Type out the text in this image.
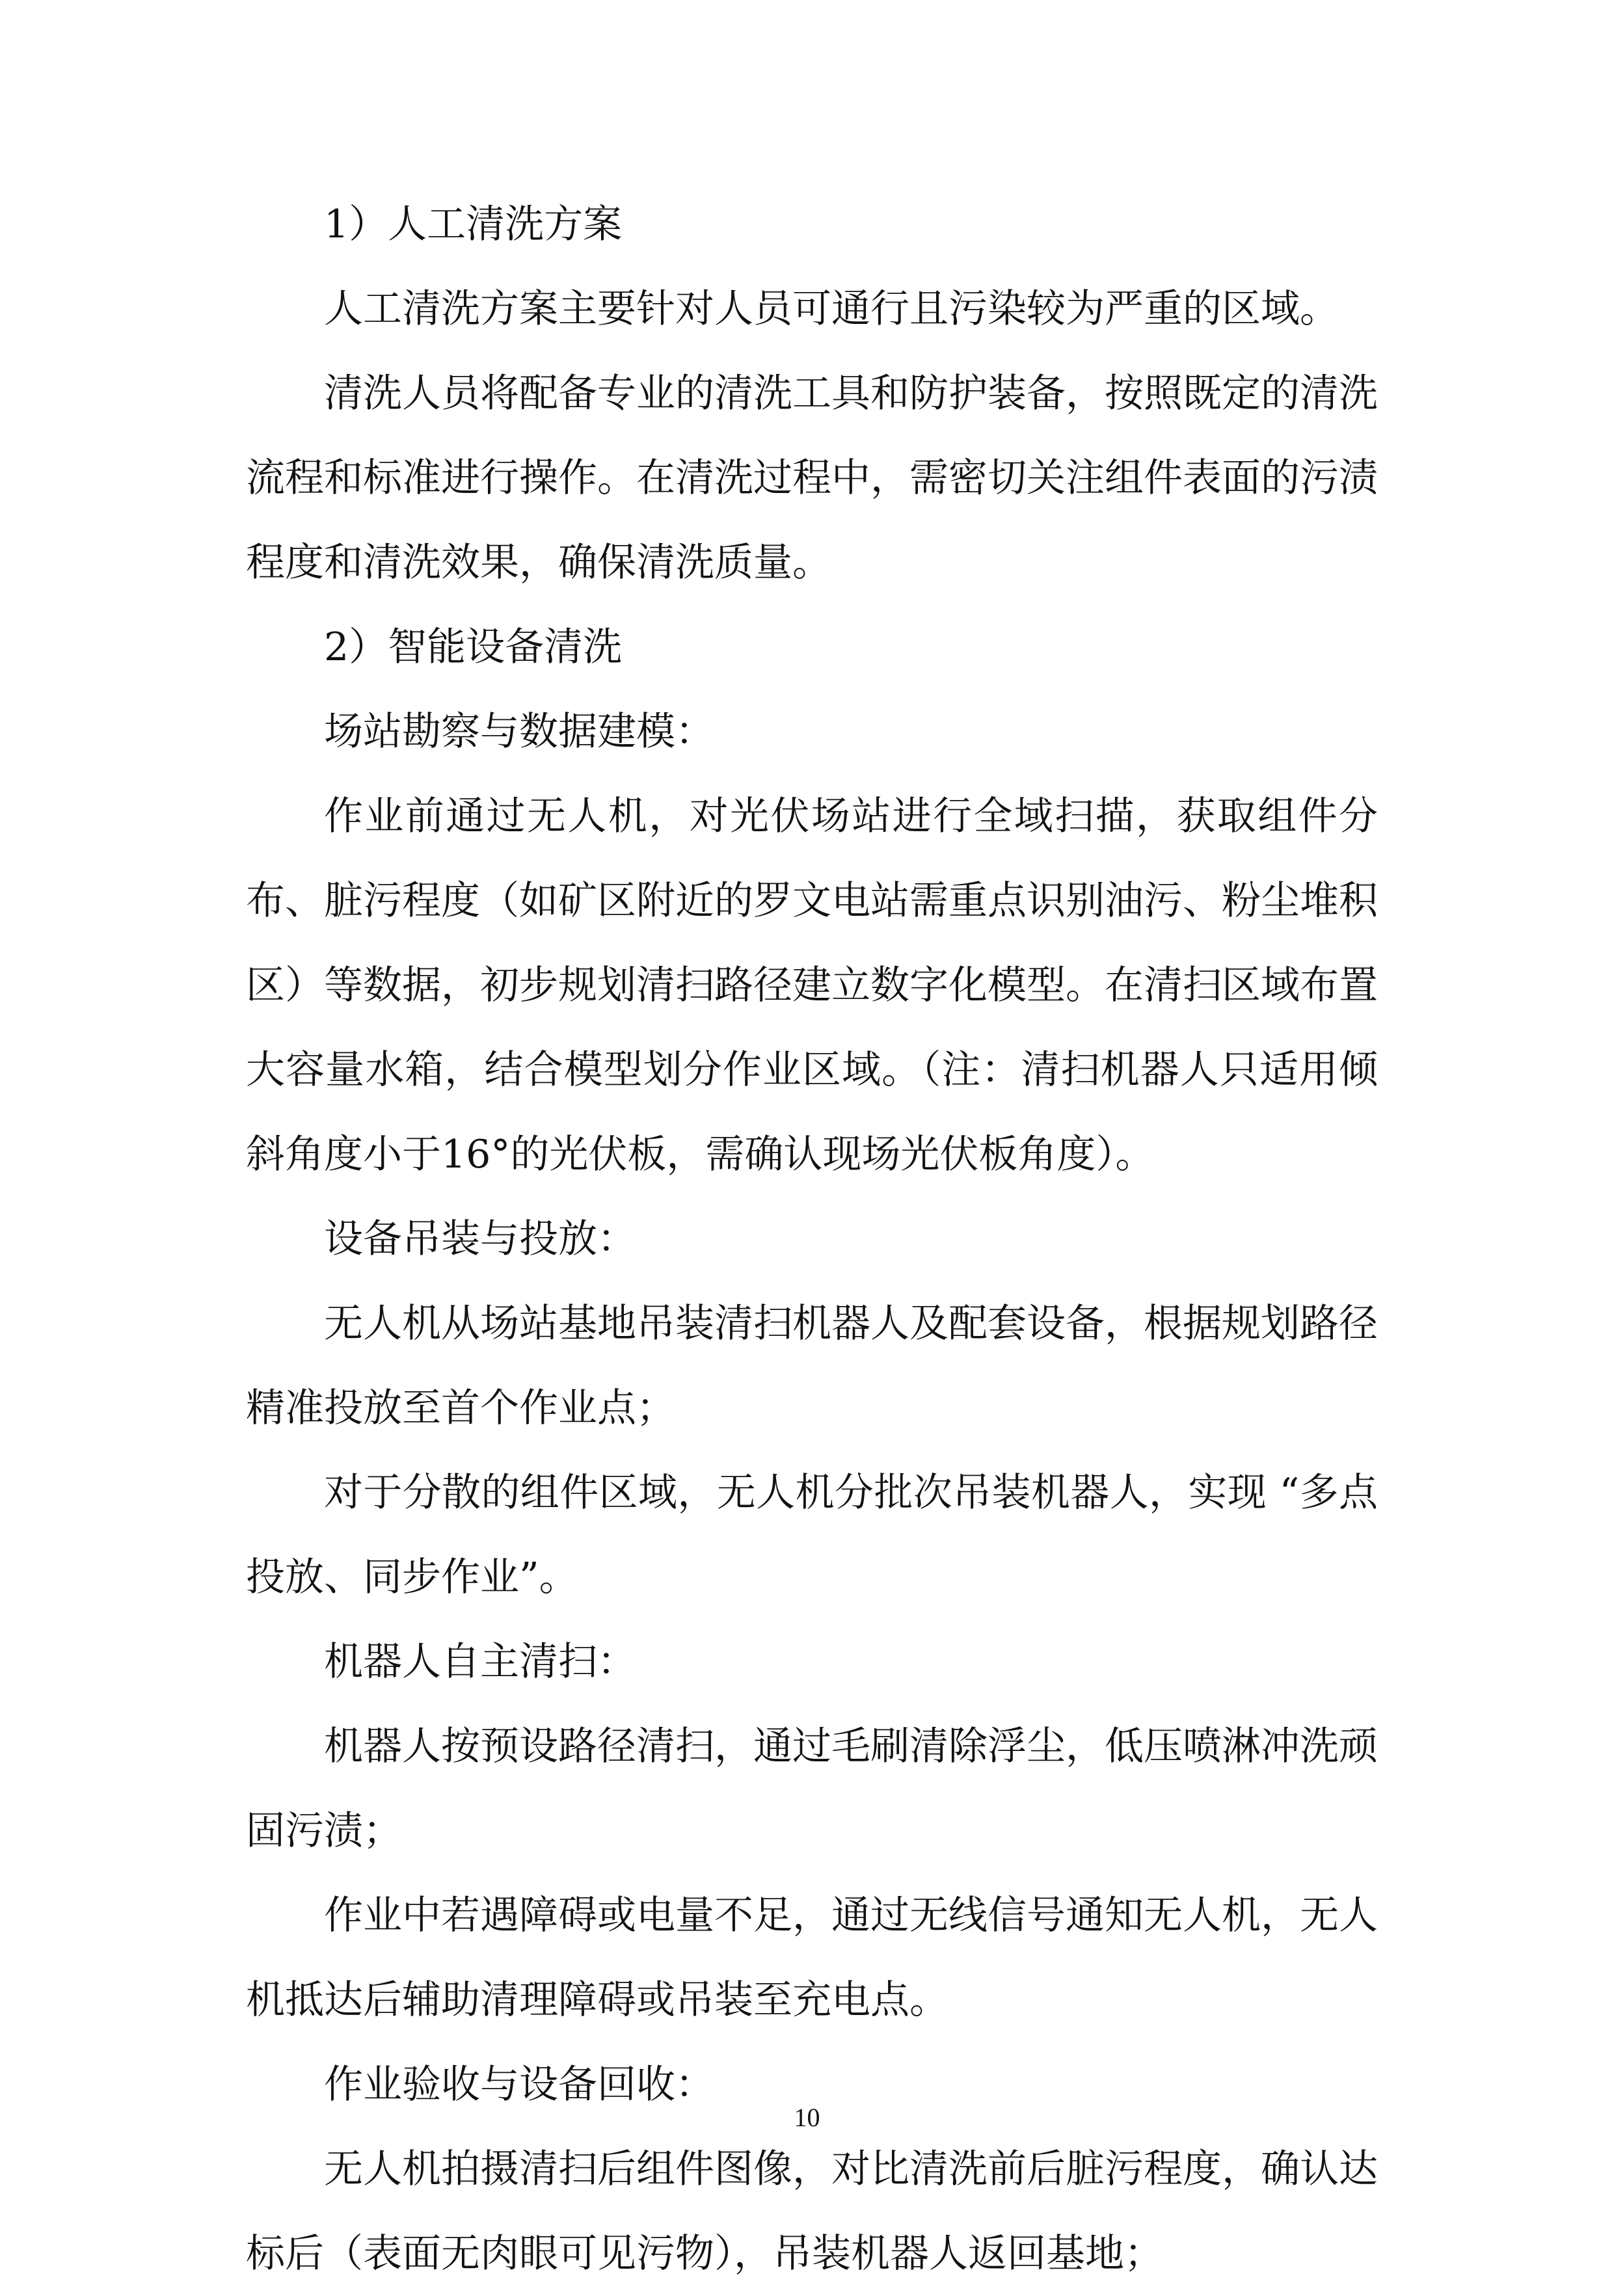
1）人工清洗方案

人工清洗方案主要针对人员可通行且污染较为严重的区域。

清洗人员将配备专业的清洗工具和防护装备，按照既定的清洗流程和标准进行操作。在清洗过程中，需密切关注组件表面的污渍程度和清洗效果，确保清洗质量。

2）智能设备清洗

场站勘察与数据建模：

作业前通过无人机，对光伏场站进行全域扫描，获取组件分布、脏污程度（如矿区附近的罗文电站需重点识别油污、粉尘堆积区）等数据，初步规划清扫路径建立数字化模型。在清扫区域布置大容量水箱，结合模型划分作业区域。（注：清扫机器人只适用倾斜角度小于16°的光伏板，需确认现场光伏板角度）。

设备吊装与投放：

无人机从场站基地吊装清扫机器人及配套设备，根据规划路径精准投放至首个作业点；

对于分散的组件区域，无人机分批次吊装机器人，实现 “多点投放、同步作业”。

机器人自主清扫：

机器人按预设路径清扫，通过毛刷清除浮尘，低压喷淋冲洗顽固污渍；

作业中若遇障碍或电量不足，通过无线信号通知无人机，无人机抵达后辅助清理障碍或吊装至充电点。

作业验收与设备回收：

无人机拍摄清扫后组件图像，对比清洗前后脏污程度，确认达标后（表面无肉眼可见污物），吊装机器人返回基地；

10
